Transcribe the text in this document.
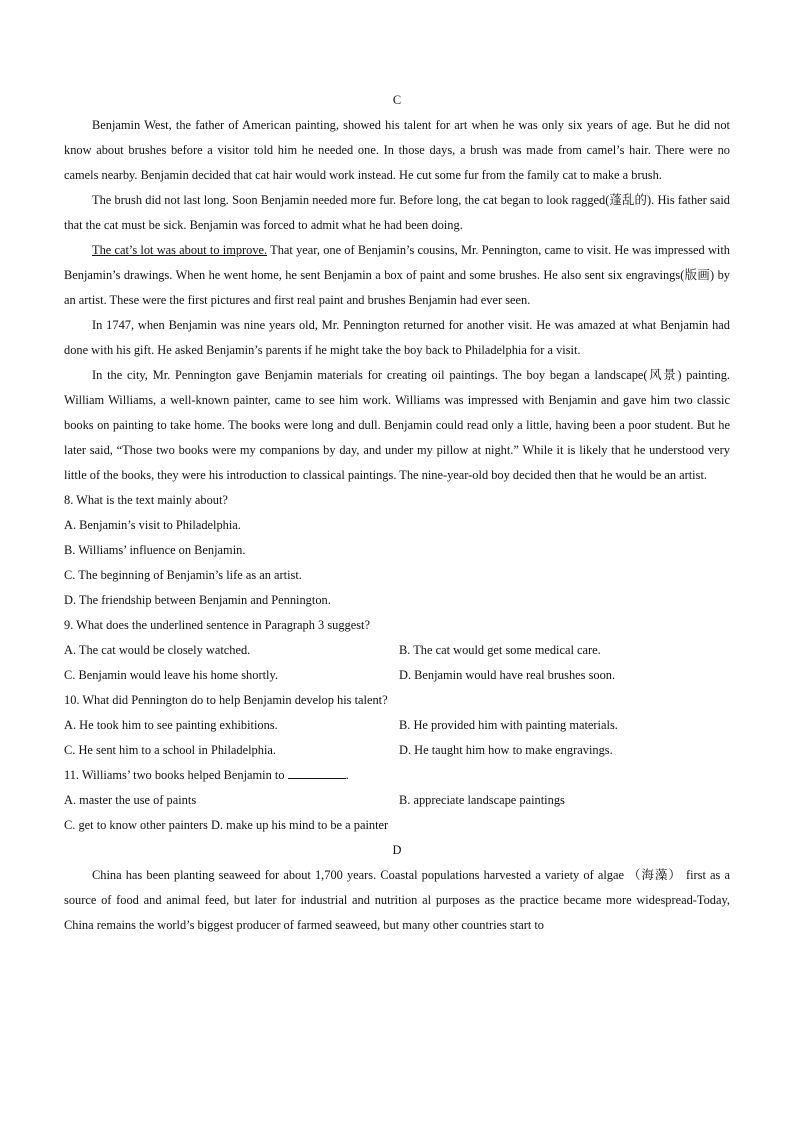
C

Benjamin West, the father of American painting, showed his talent for art when he was only six years of age. But he did not know about brushes before a visitor told him he needed one. In those days, a brush was made from camel’s hair. There were no camels nearby. Benjamin decided that cat hair would work instead. He cut some fur from the family cat to make a brush.

The brush did not last long. Soon Benjamin needed more fur. Before long, the cat began to look ragged(蓬乱的). His father said that the cat must be sick. Benjamin was forced to admit what he had been doing.

The cat’s lot was about to improve. That year, one of Benjamin’s cousins, Mr. Pennington, came to visit. He was impressed with Benjamin’s drawings. When he went home, he sent Benjamin a box of paint and some brushes. He also sent six engravings(版画) by an artist. These were the first pictures and first real paint and brushes Benjamin had ever seen.

In 1747, when Benjamin was nine years old, Mr. Pennington returned for another visit. He was amazed at what Benjamin had done with his gift. He asked Benjamin’s parents if he might take the boy back to Philadelphia for a visit.

In the city, Mr. Pennington gave Benjamin materials for creating oil paintings. The boy began a landscape(风景) painting. William Williams, a well-known painter, came to see him work. Williams was impressed with Benjamin and gave him two classic books on painting to take home. The books were long and dull. Benjamin could read only a little, having been a poor student. But he later said, “Those two books were my companions by day, and under my pillow at night.” While it is likely that he understood very little of the books, they were his introduction to classical paintings. The nine-year-old boy decided then that he would be an artist.

8. What is the text mainly about?

A. Benjamin’s visit to Philadelphia.

B. Williams’ influence on Benjamin.

C. The beginning of Benjamin’s life as an artist.

D. The friendship between Benjamin and Pennington.

9. What does the underlined sentence in Paragraph 3 suggest?

A. The cat would be closely watched.	B. The cat would get some medical care.
C. Benjamin would leave his home shortly.	D. Benjamin would have real brushes soon.

10. What did Pennington do to help Benjamin develop his talent?

A. He took him to see painting exhibitions.	B. He provided him with painting materials.
C. He sent him to a school in Philadelphia.	D. He taught him how to make engravings.

11. Williams’ two books helped Benjamin to	.

A. master the use of paints	B. appreciate landscape paintings

C. get to know other painters D. make up his mind to be a painter

D

China has been planting seaweed for about 1,700 years. Coastal populations harvested a variety of algae （海藻） first as a source of food and animal feed, but later for industrial and nutrition al purposes as the practice became more widespread-Today, China remains the world’s biggest producer of farmed seaweed, but many other countries start to
